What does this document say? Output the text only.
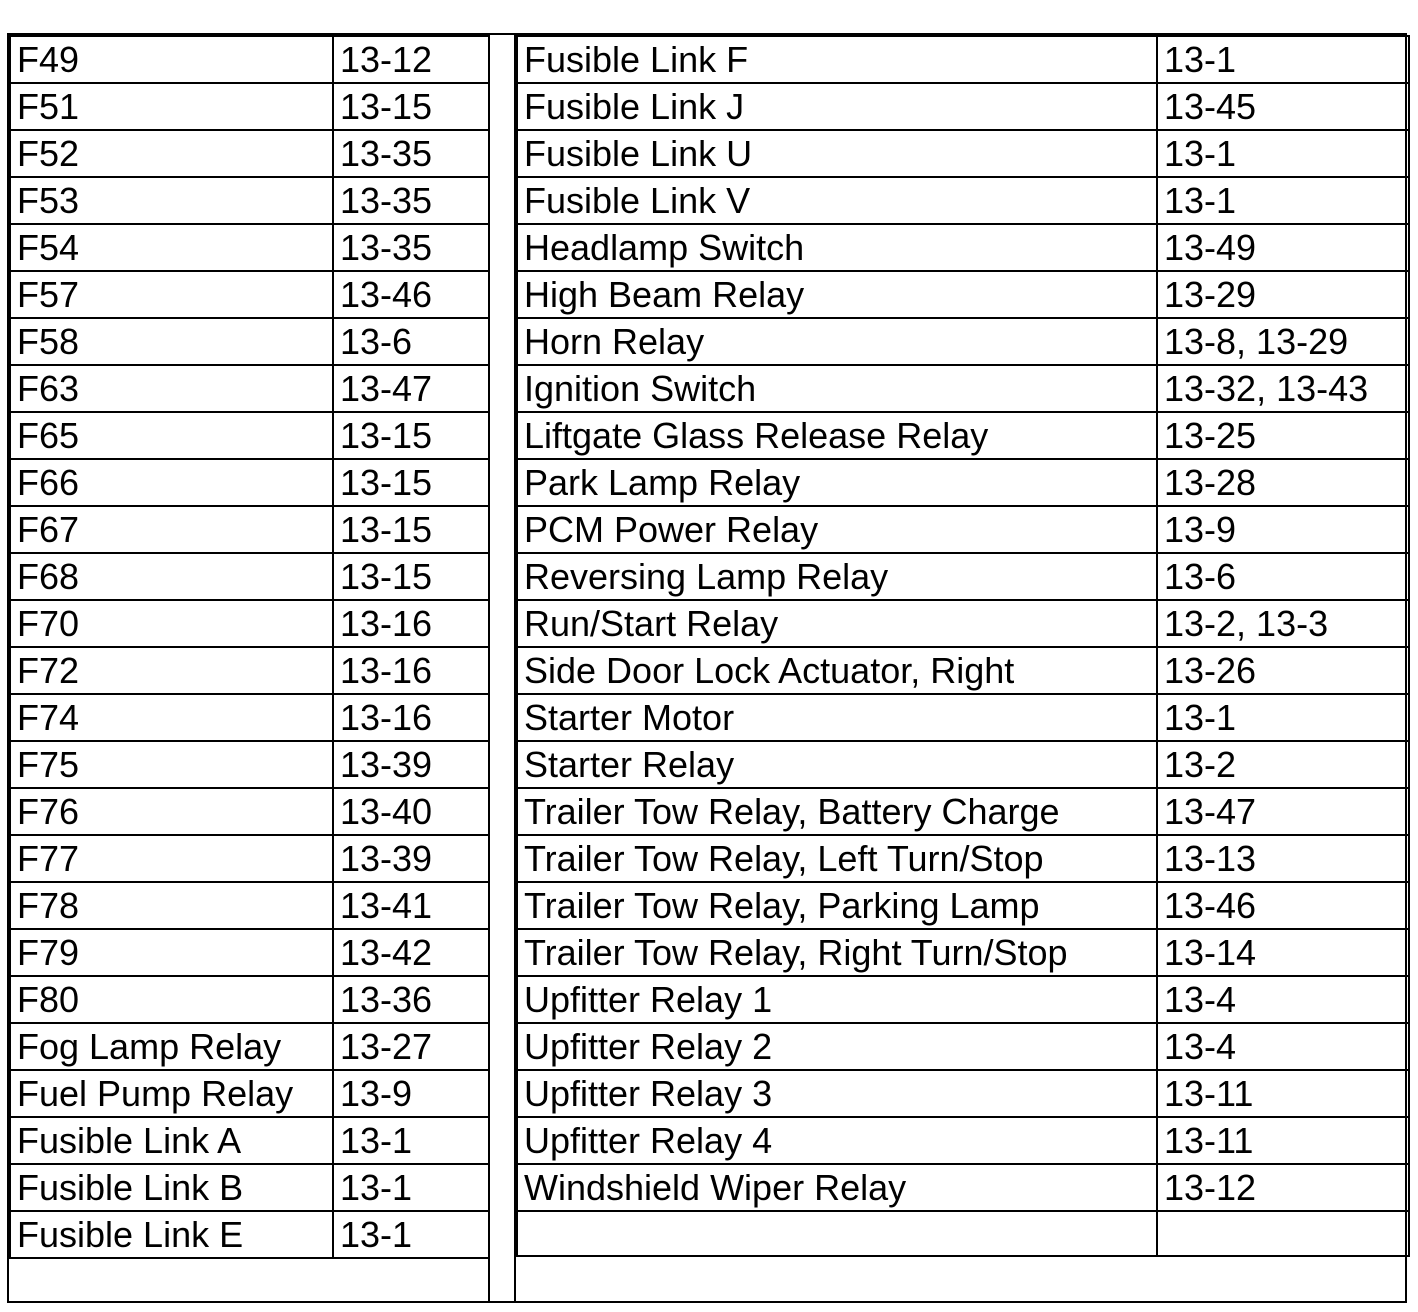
F49	13-12
F51	13-15
F52	13-35
F53	13-35
F54	13-35
F57	13-46
F58	13-6
F63	13-47
F65	13-15
F66	13-15
F67	13-15
F68	13-15
F70	13-16
F72	13-16
F74	13-16
F75	13-39
F76	13-40
F77	13-39
F78	13-41
F79	13-42
F80	13-36
Fog Lamp Relay	13-27
Fuel Pump Relay	13-9
Fusible Link A	13-1
Fusible Link B	13-1
Fusible Link E	13-1
Fusible Link F	13-1
Fusible Link J	13-45
Fusible Link U	13-1
Fusible Link V	13-1
Headlamp Switch	13-49
High Beam Relay	13-29
Horn Relay	13-8, 13-29
Ignition Switch	13-32, 13-43
Liftgate Glass Release Relay	13-25
Park Lamp Relay	13-28
PCM Power Relay	13-9
Reversing Lamp Relay	13-6
Run/Start Relay	13-2, 13-3
Side Door Lock Actuator, Right	13-26
Starter Motor	13-1
Starter Relay	13-2
Trailer Tow Relay, Battery Charge	13-47
Trailer Tow Relay, Left Turn/Stop	13-13
Trailer Tow Relay, Parking Lamp	13-46
Trailer Tow Relay, Right Turn/Stop	13-14
Upfitter Relay 1	13-4
Upfitter Relay 2	13-4
Upfitter Relay 3	13-11
Upfitter Relay 4	13-11
Windshield Wiper Relay	13-12
